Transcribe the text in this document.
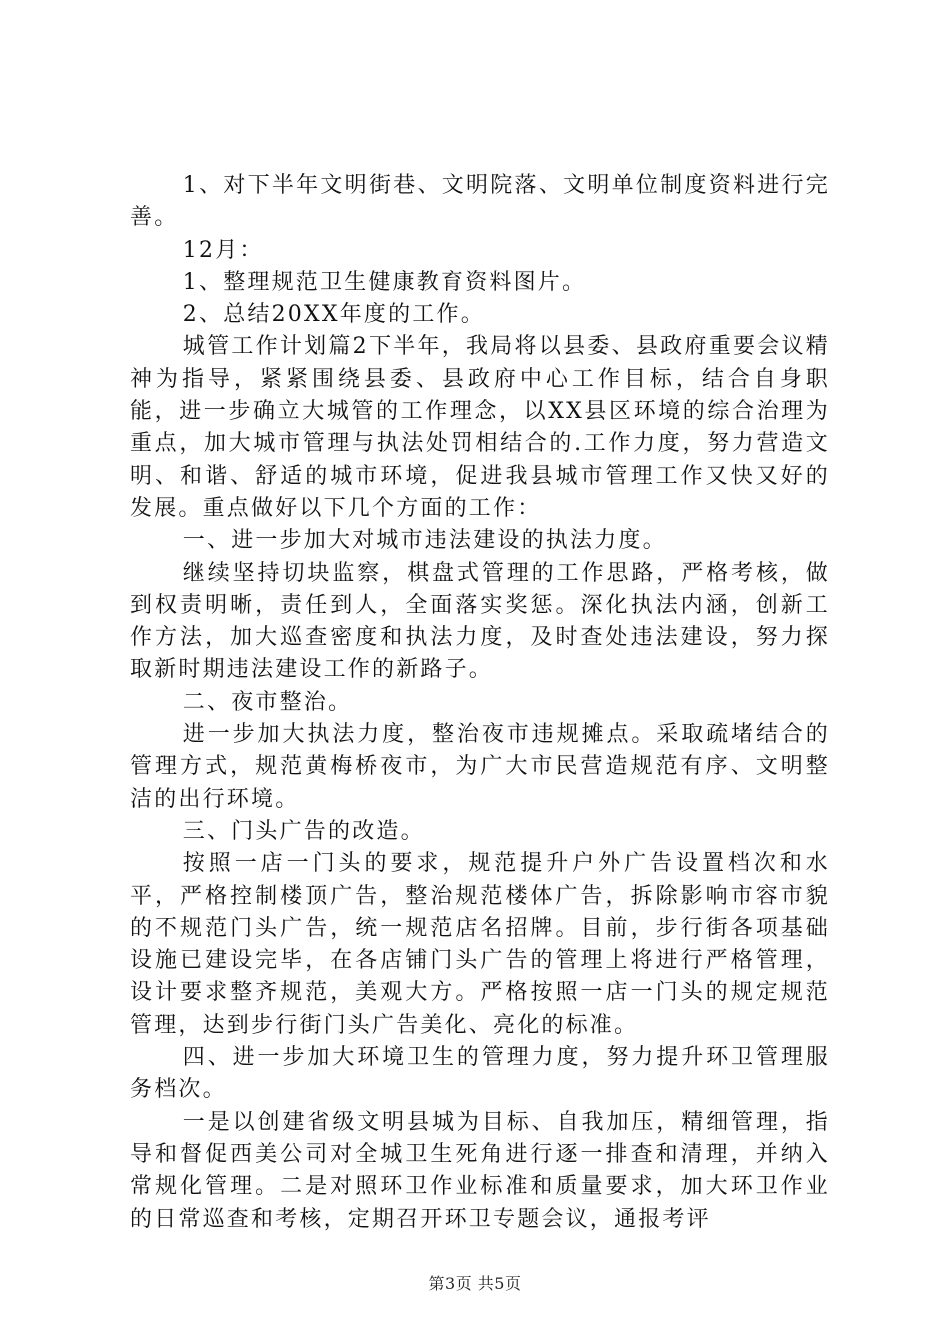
1、对下半年文明街巷、文明院落、文明单位制度资料进行完善。

12月：

1、整理规范卫生健康教育资料图片。

2、总结20XX年度的工作。

城管工作计划篇2下半年，我局将以县委、县政府重要会议精神为指导，紧紧围绕县委、县政府中心工作目标，结合自身职能，进一步确立大城管的工作理念，以XX县区环境的综合治理为重点，加大城市管理与执法处罚相结合的.工作力度，努力营造文明、和谐、舒适的城市环境，促进我县城市管理工作又快又好的发展。重点做好以下几个方面的工作：

一、进一步加大对城市违法建设的执法力度。

继续坚持切块监察，棋盘式管理的工作思路，严格考核，做到权责明晰，责任到人，全面落实奖惩。深化执法内涵，创新工作方法，加大巡查密度和执法力度，及时查处违法建设，努力探取新时期违法建设工作的新路子。

二、夜市整治。

进一步加大执法力度，整治夜市违规摊点。采取疏堵结合的管理方式，规范黄梅桥夜市，为广大市民营造规范有序、文明整洁的出行环境。

三、门头广告的改造。

按照一店一门头的要求，规范提升户外广告设置档次和水平，严格控制楼顶广告，整治规范楼体广告，拆除影响市容市貌的不规范门头广告，统一规范店名招牌。目前，步行街各项基础设施已建设完毕，在各店铺门头广告的管理上将进行严格管理，设计要求整齐规范，美观大方。严格按照一店一门头的规定规范管理，达到步行街门头广告美化、亮化的标准。

四、进一步加大环境卫生的管理力度，努力提升环卫管理服务档次。

一是以创建省级文明县城为目标、自我加压，精细管理，指导和督促西美公司对全城卫生死角进行逐一排查和清理，并纳入常规化管理。二是对照环卫作业标准和质量要求，加大环卫作业的日常巡查和考核，定期召开环卫专题会议，通报考评

第3页 共5页
